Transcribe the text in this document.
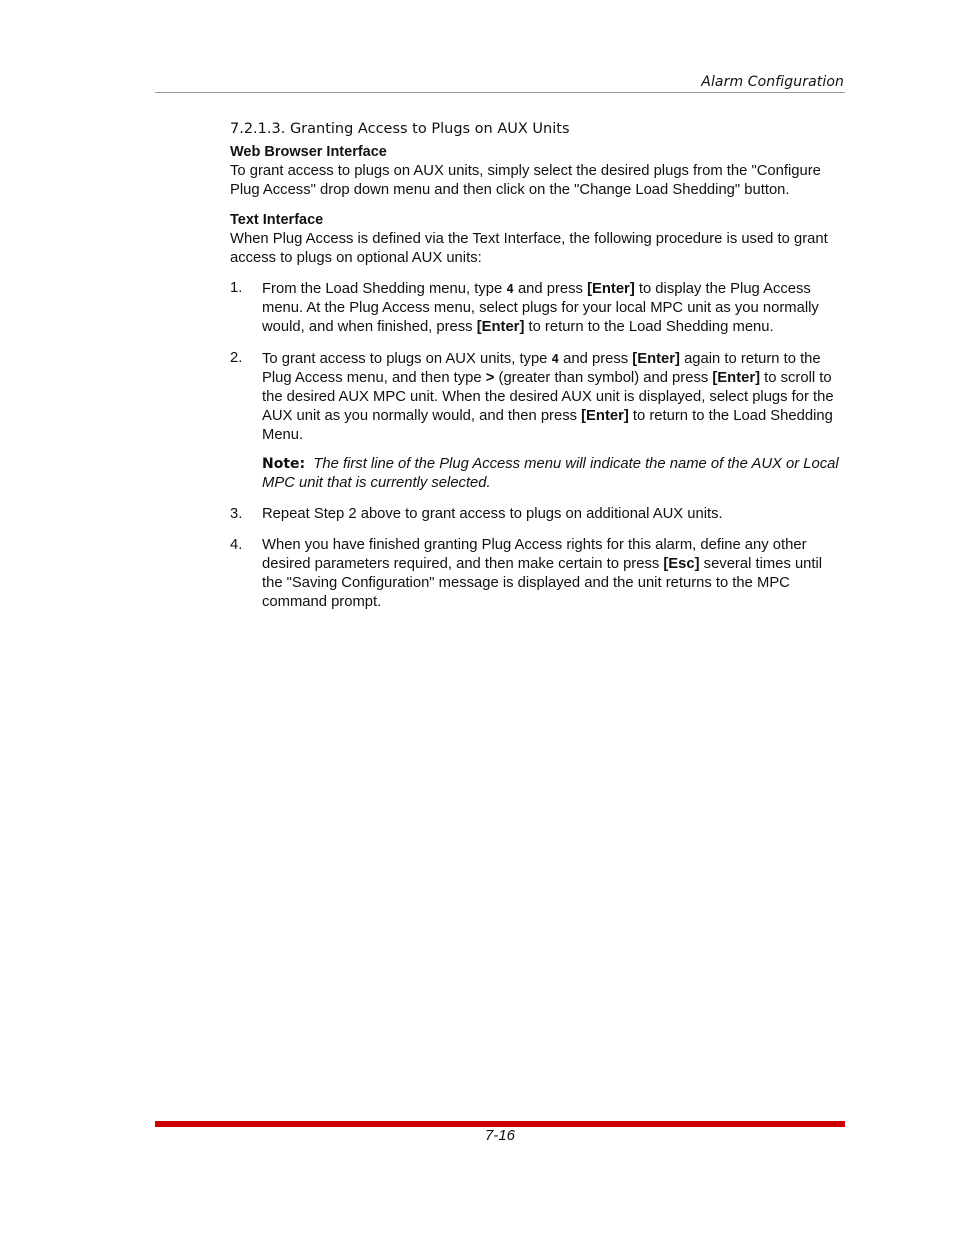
Alarm Configuration
7.2.1.3. Granting Access to Plugs on AUX Units
Web Browser Interface

To grant access to plugs on AUX units, simply select the desired plugs from the "Configure Plug Access" drop down menu and then click on the "Change Load Shedding" button.

Text Interface

When Plug Access is defined via the Text Interface, the following procedure is used to grant access to plugs on optional AUX units:

1. From the Load Shedding menu, type 4 and press [Enter] to display the Plug Access menu. At the Plug Access menu, select plugs for your local MPC unit as you normally would, and when finished, press [Enter] to return to the Load Shedding menu.
2. To grant access to plugs on AUX units, type 4 and press [Enter] again to return to the Plug Access menu, and then type > (greater than symbol) and press [Enter] to scroll to the desired AUX MPC unit. When the desired AUX unit is displayed, select plugs for the AUX unit as you normally would, and then press [Enter] to return to the Load Shedding Menu.
Note: The first line of the Plug Access menu will indicate the name of the AUX or Local MPC unit that is currently selected.
3. Repeat Step 2 above to grant access to plugs on additional AUX units.
4. When you have finished granting Plug Access rights for this alarm, define any other desired parameters required, and then make certain to press [Esc] several times until the "Saving Configuration" message is displayed and the unit returns to the MPC command prompt.
7-16
